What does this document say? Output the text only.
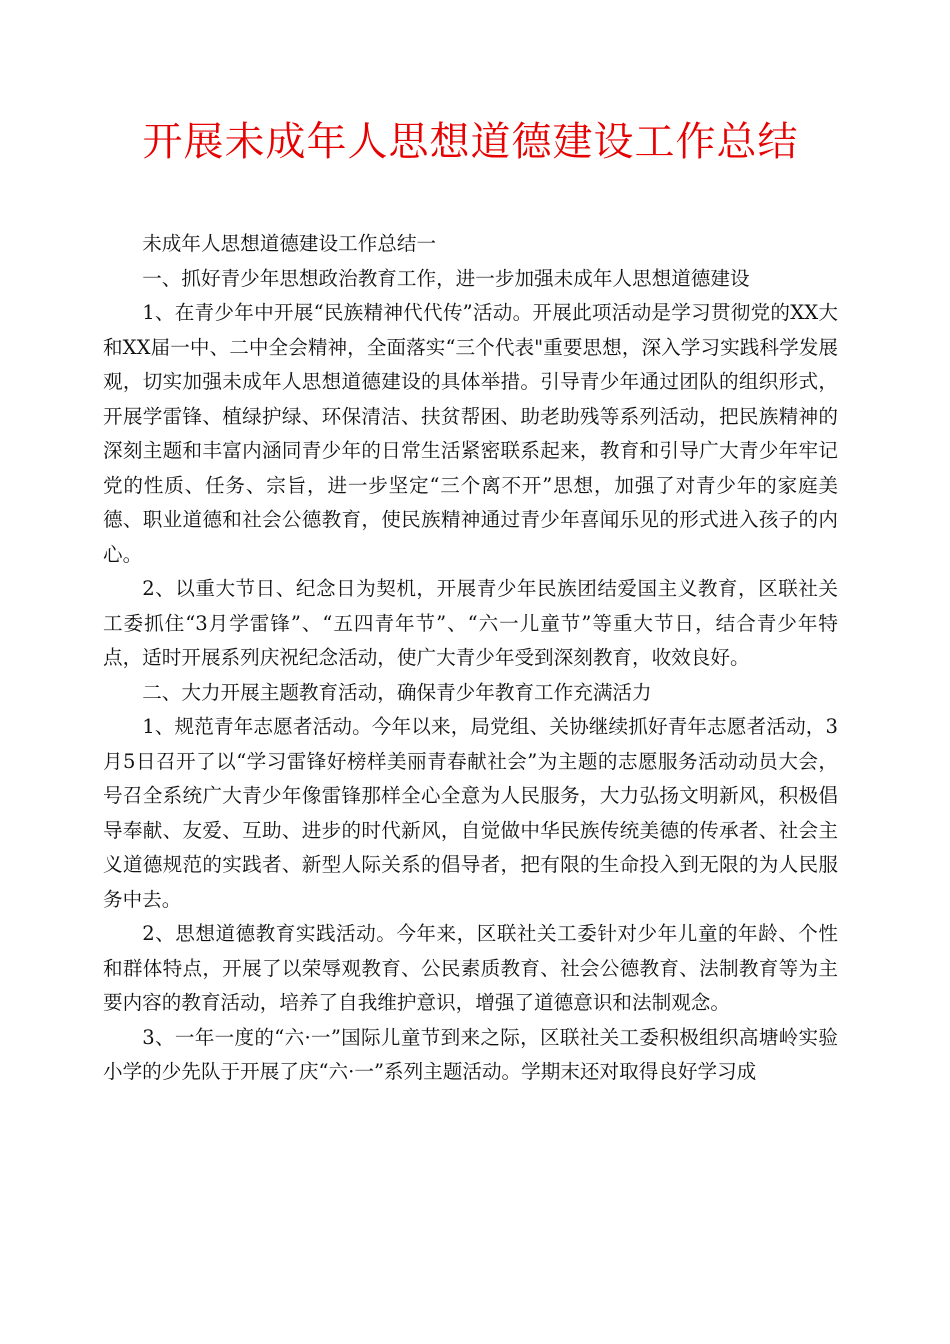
开展未成年人思想道德建设工作总结

未成年人思想道德建设工作总结一

一、抓好青少年思想政治教育工作，进一步加强未成年人思想道德建设

1、在青少年中开展“民族精神代代传”活动。开展此项活动是学习贯彻党的XX大和XX届一中、二中全会精神，全面落实“三个代表"重要思想，深入学习实践科学发展观，切实加强未成年人思想道德建设的具体举措。引导青少年通过团队的组织形式，开展学雷锋、植绿护绿、环保清洁、扶贫帮困、助老助残等系列活动，把民族精神的深刻主题和丰富内涵同青少年的日常生活紧密联系起来，教育和引导广大青少年牢记党的性质、任务、宗旨，进一步坚定“三个离不开”思想，加强了对青少年的家庭美德、职业道德和社会公德教育，使民族精神通过青少年喜闻乐见的形式进入孩子的内心。

2、以重大节日、纪念日为契机，开展青少年民族团结爱国主义教育，区联社关工委抓住“3月学雷锋”、“五四青年节”、“六一儿童节”等重大节日，结合青少年特点，适时开展系列庆祝纪念活动，使广大青少年受到深刻教育，收效良好。

二、大力开展主题教育活动，确保青少年教育工作充满活力

1、规范青年志愿者活动。今年以来，局党组、关协继续抓好青年志愿者活动，3月5日召开了以“学习雷锋好榜样美丽青春献社会”为主题的志愿服务活动动员大会，号召全系统广大青少年像雷锋那样全心全意为人民服务，大力弘扬文明新风，积极倡导奉献、友爱、互助、进步的时代新风，自觉做中华民族传统美德的传承者、社会主义道德规范的实践者、新型人际关系的倡导者，把有限的生命投入到无限的为人民服务中去。

2、思想道德教育实践活动。今年来，区联社关工委针对少年儿童的年龄、个性和群体特点，开展了以荣辱观教育、公民素质教育、社会公德教育、法制教育等为主要内容的教育活动，培养了自我维护意识，增强了道德意识和法制观念。

3、一年一度的“六·一”国际儿童节到来之际，区联社关工委积极组织高塘岭实验小学的少先队于开展了庆“六·一”系列主题活动。学期末还对取得良好学习成
